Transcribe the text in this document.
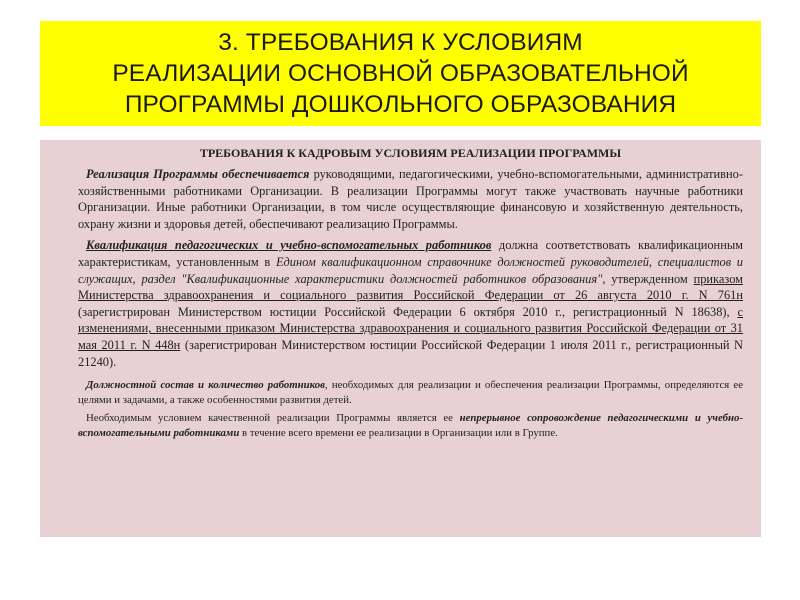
3. ТРЕБОВАНИЯ К УСЛОВИЯМ
РЕАЛИЗАЦИИ ОСНОВНОЙ ОБРАЗОВАТЕЛЬНОЙ
ПРОГРАММЫ ДОШКОЛЬНОГО ОБРАЗОВАНИЯ
ТРЕБОВАНИЯ К КАДРОВЫМ УСЛОВИЯМ РЕАЛИЗАЦИИ ПРОГРАММЫ

Реализация Программы обеспечивается руководящими, педагогическими, учебно-вспомогательными, административно-хозяйственными работниками Организации. В реализации Программы могут также участвовать научные работники Организации. Иные работники Организации, в том числе осуществляющие финансовую и хозяйственную деятельность, охрану жизни и здоровья детей, обеспечивают реализацию Программы.

Квалификация педагогических и учебно-вспомогательных работников должна соответствовать квалификационным характеристикам, установленным в Едином квалификационном справочнике должностей руководителей, специалистов и служащих, раздел "Квалификационные характеристики должностей работников образования", утвержденном приказом Министерства здравоохранения и социального развития Российской Федерации от 26 августа 2010 г. N 761н (зарегистрирован Министерством юстиции Российской Федерации 6 октября 2010 г., регистрационный N 18638), с изменениями, внесенными приказом Министерства здравоохранения и социального развития Российской Федерации от 31 мая 2011 г. N 448н (зарегистрирован Министерством юстиции Российской Федерации 1 июля 2011 г., регистрационный N 21240).

Должностной состав и количество работников, необходимых для реализации и обеспечения реализации Программы, определяются ее целями и задачами, а также особенностями развития детей.

Необходимым условием качественной реализации Программы является ее непрерывное сопровождение педагогическими и учебно-вспомогательными работниками в течение всего времени ее реализации в Организации или в Группе.
